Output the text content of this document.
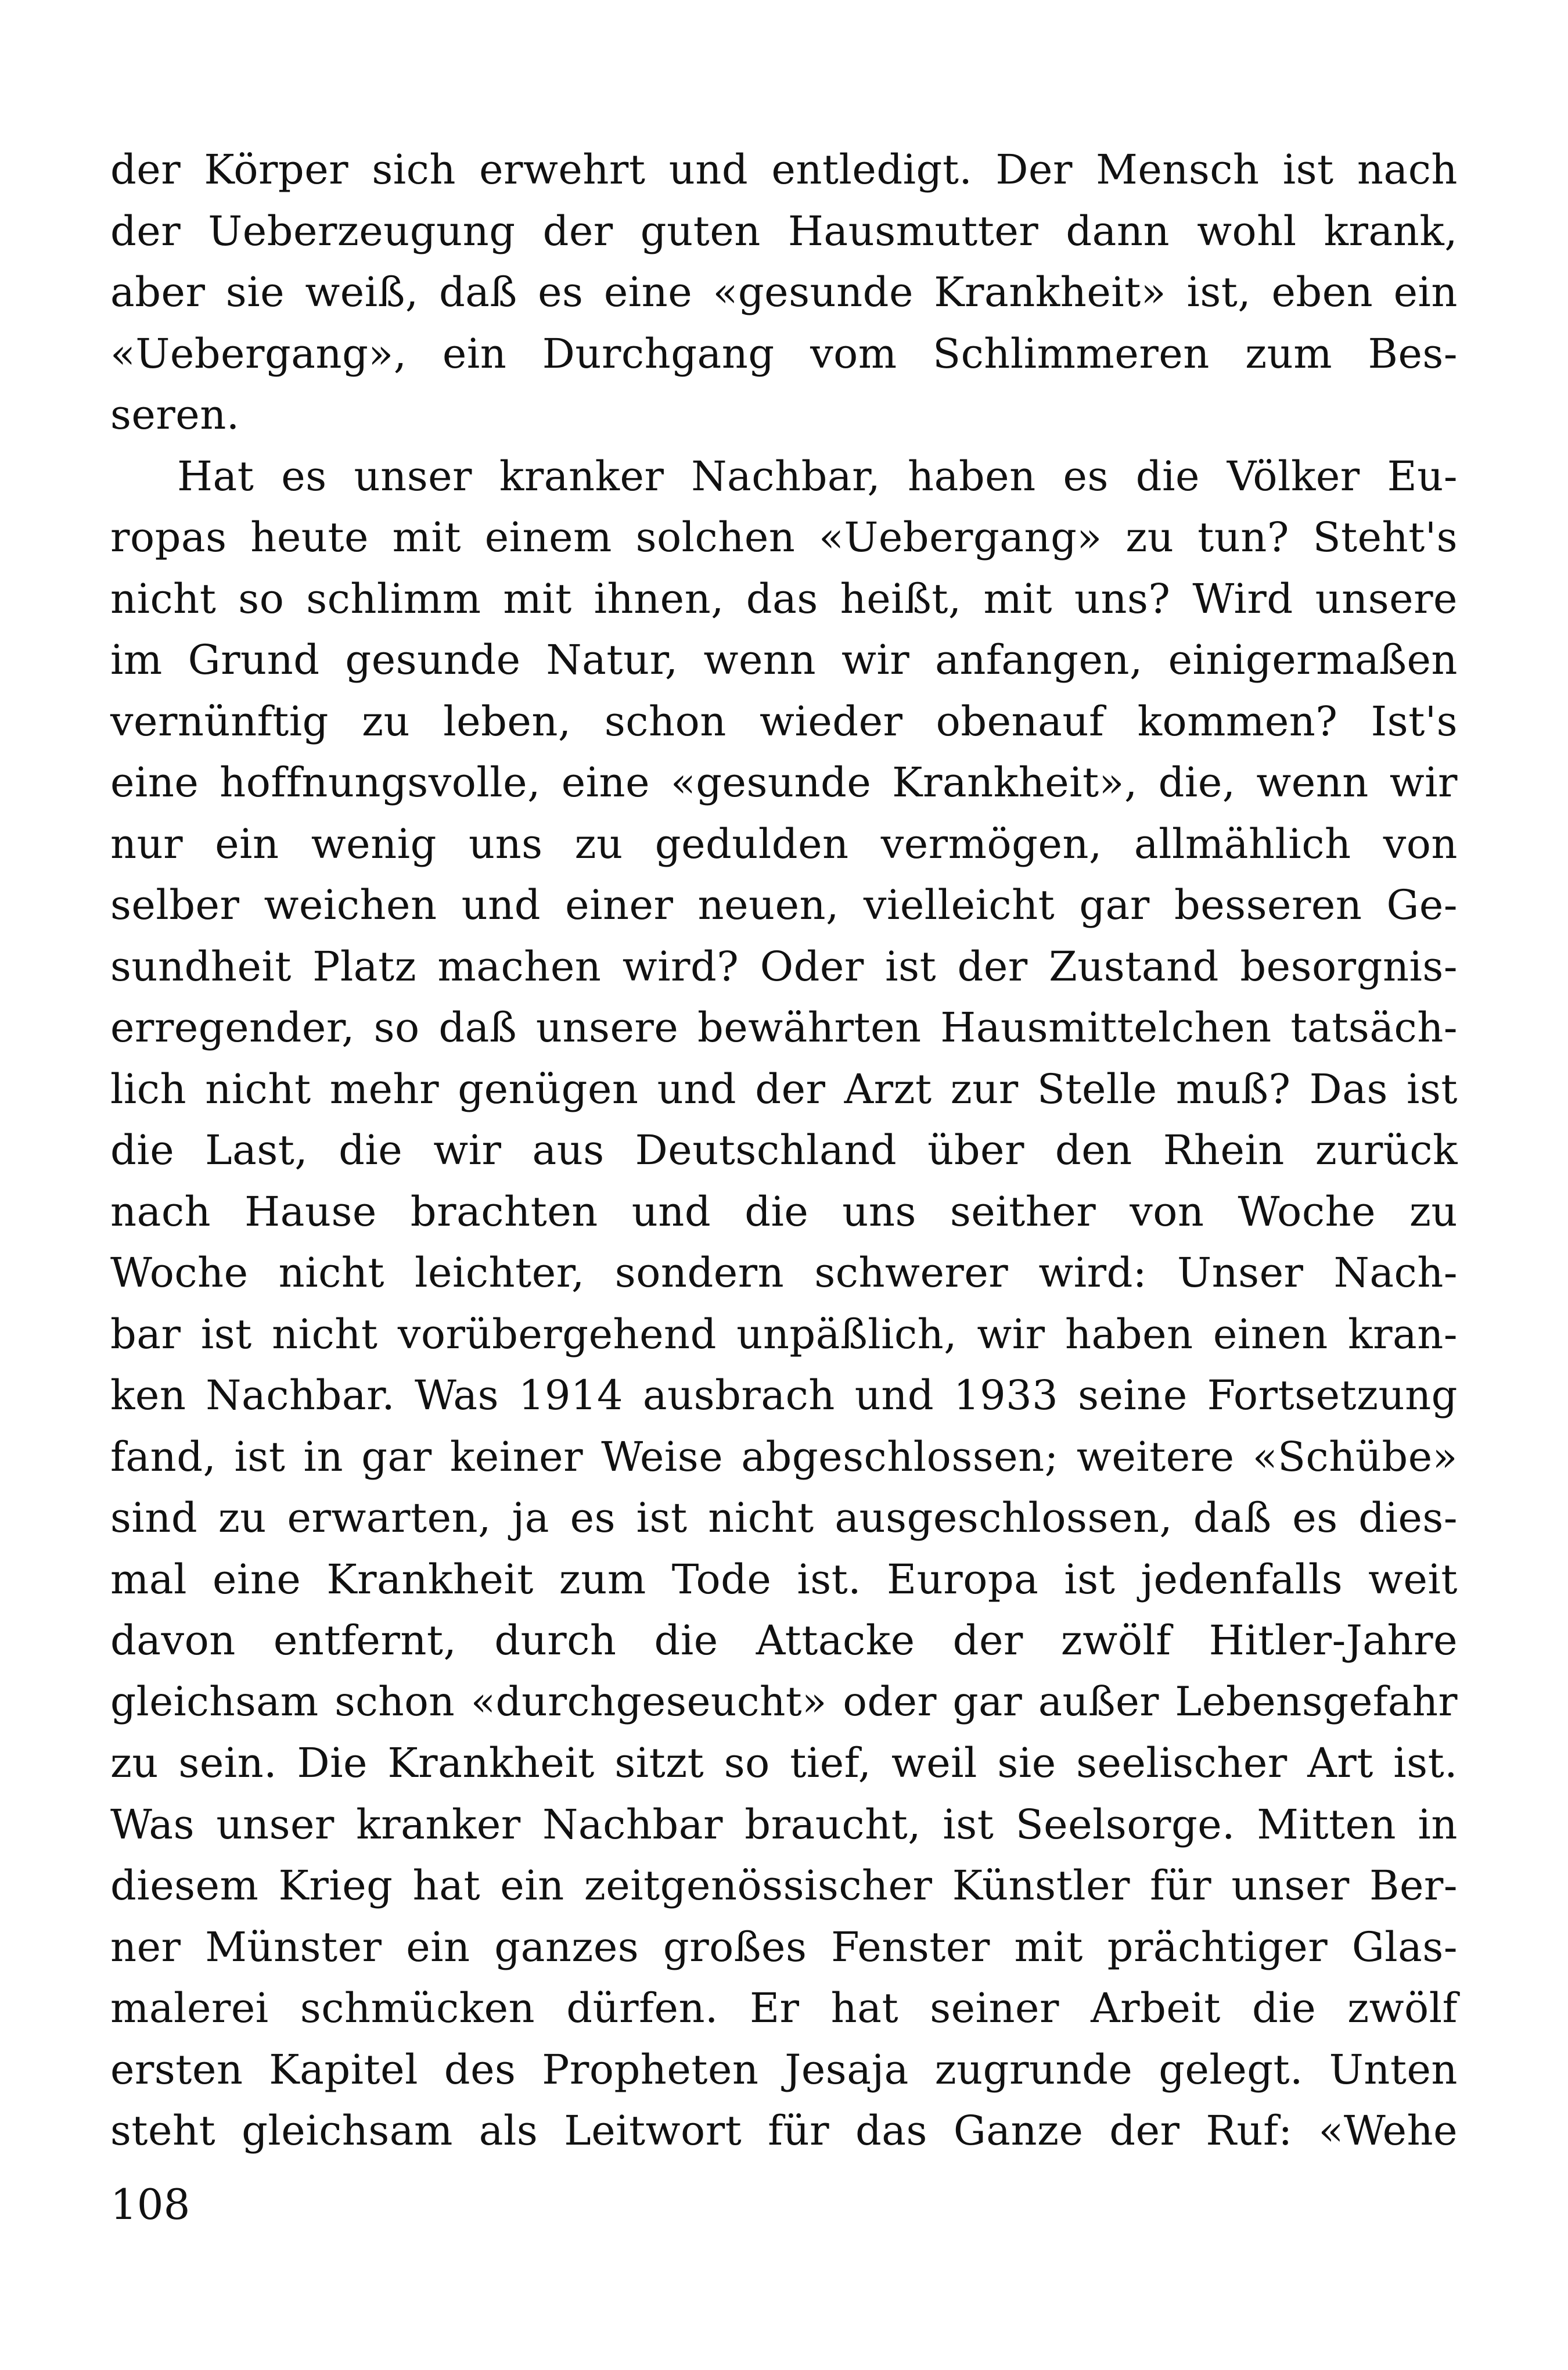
der Körper sich erwehrt und entledigt. Der Mensch ist nach
der Ueberzeugung der guten Hausmutter dann wohl krank,
aber sie weiß, daß es eine «gesunde Krankheit» ist, eben ein
«Uebergang», ein Durchgang vom Schlimmeren zum Bes-
seren.
Hat es unser kranker Nachbar, haben es die Völker Eu-
ropas heute mit einem solchen «Uebergang» zu tun? Steht's
nicht so schlimm mit ihnen, das heißt, mit uns? Wird unsere
im Grund gesunde Natur, wenn wir anfangen, einigermaßen
vernünftig zu leben, schon wieder obenauf kommen? Ist's
eine hoffnungsvolle, eine «gesunde Krankheit», die, wenn wir
nur ein wenig uns zu gedulden vermögen, allmählich von
selber weichen und einer neuen, vielleicht gar besseren Ge-
sundheit Platz machen wird? Oder ist der Zustand besorgnis-
erregender, so daß unsere bewährten Hausmittelchen tatsäch-
lich nicht mehr genügen und der Arzt zur Stelle muß? Das ist
die Last, die wir aus Deutschland über den Rhein zurück
nach Hause brachten und die uns seither von Woche zu
Woche nicht leichter, sondern schwerer wird: Unser Nach-
bar ist nicht vorübergehend unpäßlich, wir haben einen kran-
ken Nachbar. Was 1914 ausbrach und 1933 seine Fortsetzung
fand, ist in gar keiner Weise abgeschlossen; weitere «Schübe»
sind zu erwarten, ja es ist nicht ausgeschlossen, daß es dies-
mal eine Krankheit zum Tode ist. Europa ist jedenfalls weit
davon entfernt, durch die Attacke der zwölf Hitler-Jahre
gleichsam schon «durchgeseucht» oder gar außer Lebensgefahr
zu sein. Die Krankheit sitzt so tief, weil sie seelischer Art ist.
Was unser kranker Nachbar braucht, ist Seelsorge. Mitten in
diesem Krieg hat ein zeitgenössischer Künstler für unser Ber-
ner Münster ein ganzes großes Fenster mit prächtiger Glas-
malerei schmücken dürfen. Er hat seiner Arbeit die zwölf
ersten Kapitel des Propheten Jesaja zugrunde gelegt. Unten
steht gleichsam als Leitwort für das Ganze der Ruf: «Wehe
108
